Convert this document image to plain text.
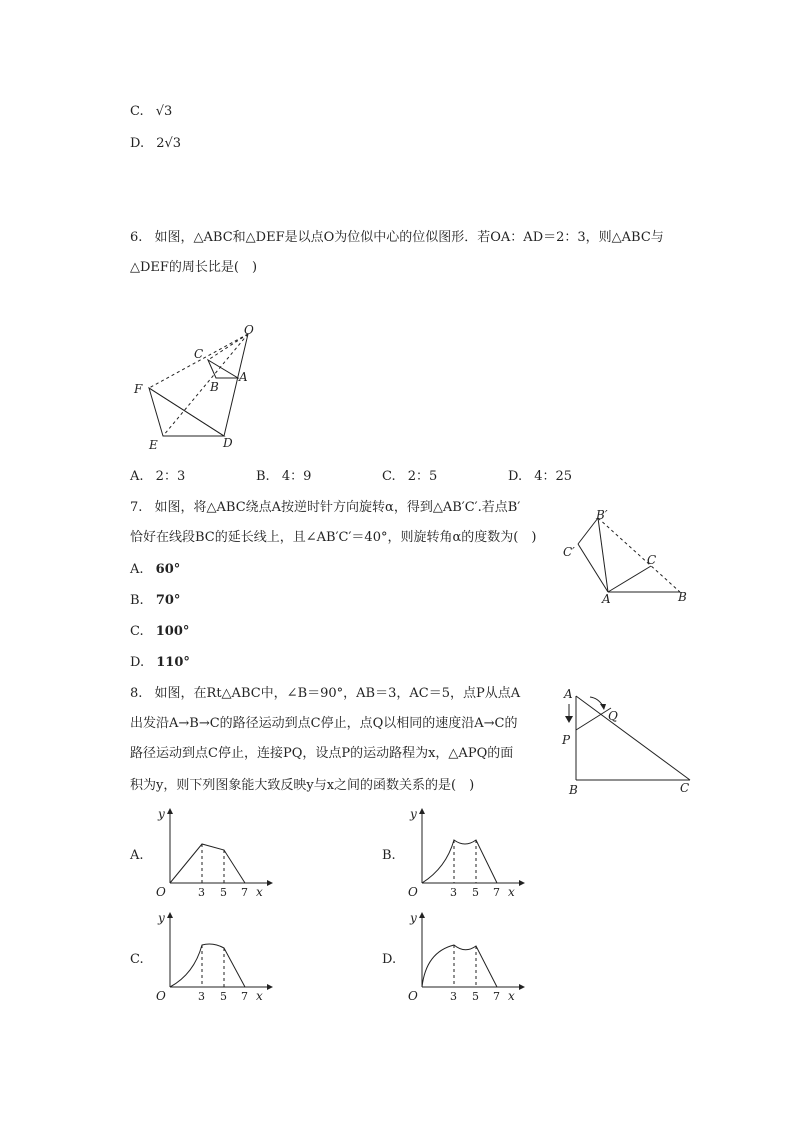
C. √3
D. 2√3
6. 如图，△ABC和△DEF是以点O为位似中心的位似图形．若OA：AD＝2：3，则△ABC与
△DEF的周长比是(　)
O
C
B
A
F
E	D
A. 2：3	B. 4：9	C. 2：5	D. 4：25
7. 如图，将△ABC绕点A按逆时针方向旋转α，得到△AB′C′.若点B′
恰好在线段BC的延长线上，且∠AB′C′＝40°，则旋转角α的度数为(　)
B′
C′
C
A	B
A. 60°
B. 70°
C. 100°
D. 110°
8. 如图，在Rt△ABC中，∠B＝90°，AB＝3，AC＝5，点P从点A
出发沿A→B→C的路径运动到点C停止，点Q以相同的速度沿A→C的
路径运动到点C停止，连接PQ，设点P的运动路程为x，△APQ的面
积为y，则下列图象能大致反映y与x之间的函数关系的是(　)
A
Q
P
B	C
A.	B.
C.	D.
y
x
O	3 5 7
y
x
O	3 5 7
y
x
O	3 5 7
y
x
O	3 5 7
